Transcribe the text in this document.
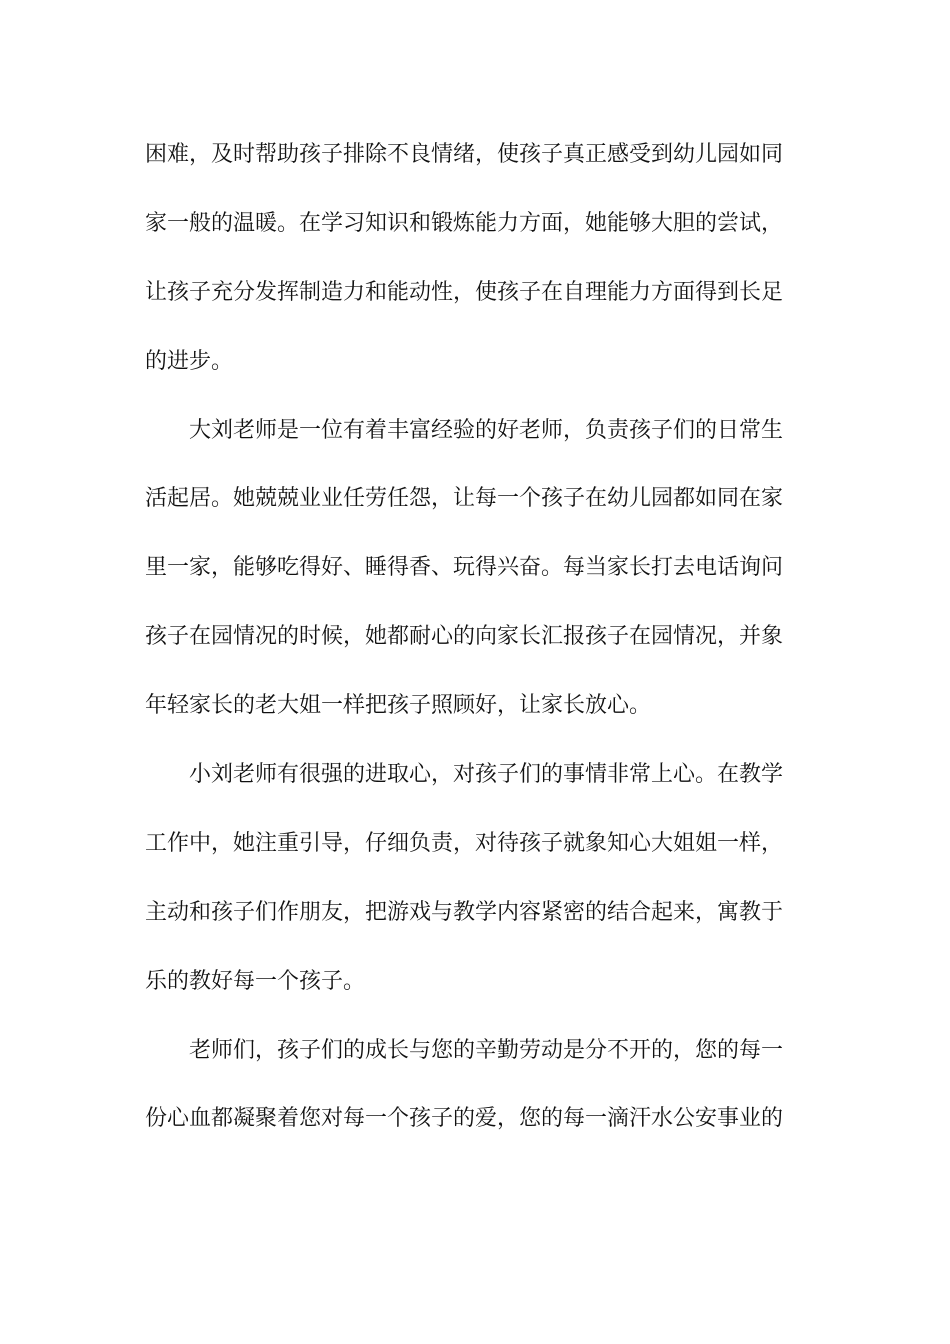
困难，及时帮助孩子排除不良情绪，使孩子真正感受到幼儿园如同
家一般的温暖。在学习知识和锻炼能力方面，她能够大胆的尝试，
让孩子充分发挥制造力和能动性，使孩子在自理能力方面得到长足
的进步。
大刘老师是一位有着丰富经验的好老师，负责孩子们的日常生
活起居。她兢兢业业任劳任怨，让每一个孩子在幼儿园都如同在家
里一家，能够吃得好、睡得香、玩得兴奋。每当家长打去电话询问
孩子在园情况的时候，她都耐心的向家长汇报孩子在园情况，并象
年轻家长的老大姐一样把孩子照顾好，让家长放心。
小刘老师有很强的进取心，对孩子们的事情非常上心。在教学
工作中，她注重引导，仔细负责，对待孩子就象知心大姐姐一样，
主动和孩子们作朋友，把游戏与教学内容紧密的结合起来，寓教于
乐的教好每一个孩子。
老师们，孩子们的成长与您的辛勤劳动是分不开的，您的每一
份心血都凝聚着您对每一个孩子的爱，您的每一滴汗水公安事业的
